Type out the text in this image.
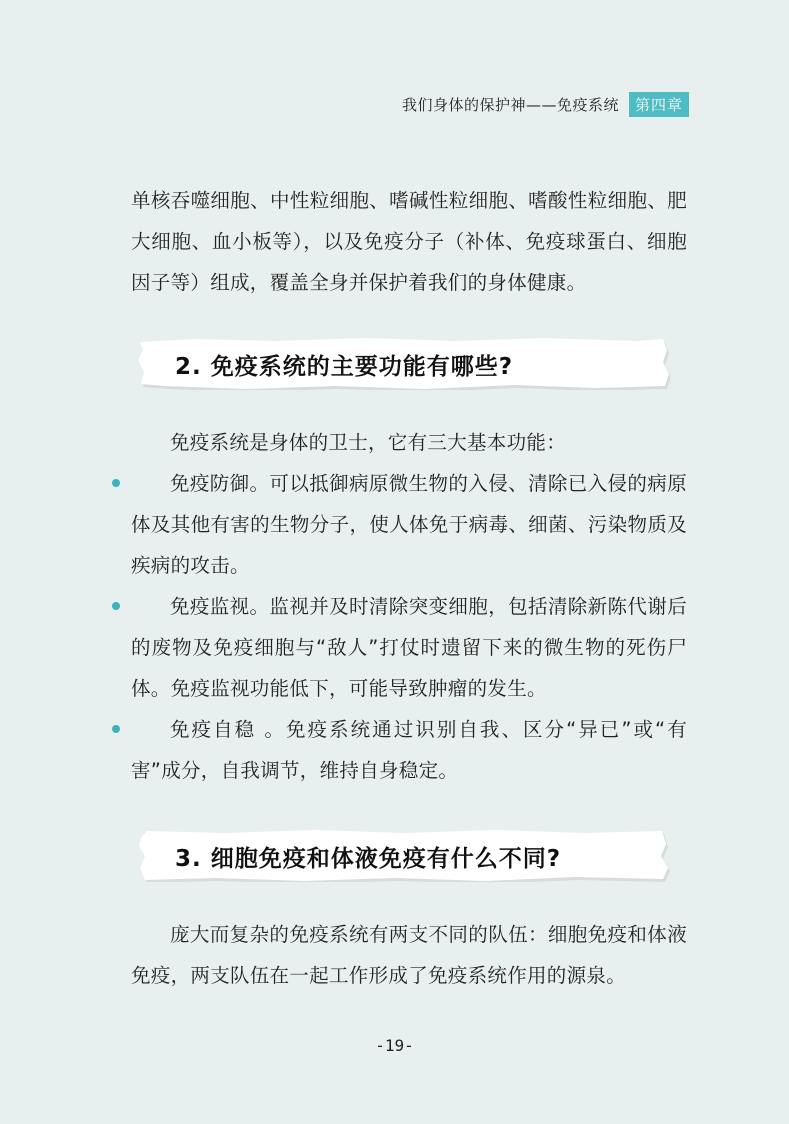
我们身体的保护神——免疫系统	第四章
单核吞噬细胞、中性粒细胞、嗜碱性粒细胞、嗜酸性粒细胞、肥大细胞、血小板等），以及免疫分子（补体、免疫球蛋白、细胞因子等）组成，覆盖全身并保护着我们的身体健康。
2. 免疫系统的主要功能有哪些?
免疫系统是身体的卫士，它有三大基本功能：
免疫防御。可以抵御病原微生物的入侵、清除已入侵的病原体及其他有害的生物分子，使人体免于病毒、细菌、污染物质及疾病的攻击。
免疫监视。监视并及时清除突变细胞，包括清除新陈代谢后的废物及免疫细胞与“敌人”打仗时遗留下来的微生物的死伤尸体。免疫监视功能低下，可能导致肿瘤的发生。
免疫自稳 。免疫系统通过识别自我、区分“异已”或“有害”成分，自我调节，维持自身稳定。
3. 细胞免疫和体液免疫有什么不同?
庞大而复杂的免疫系统有两支不同的队伍：细胞免疫和体液免疫，两支队伍在一起工作形成了免疫系统作用的源泉。
-19-
